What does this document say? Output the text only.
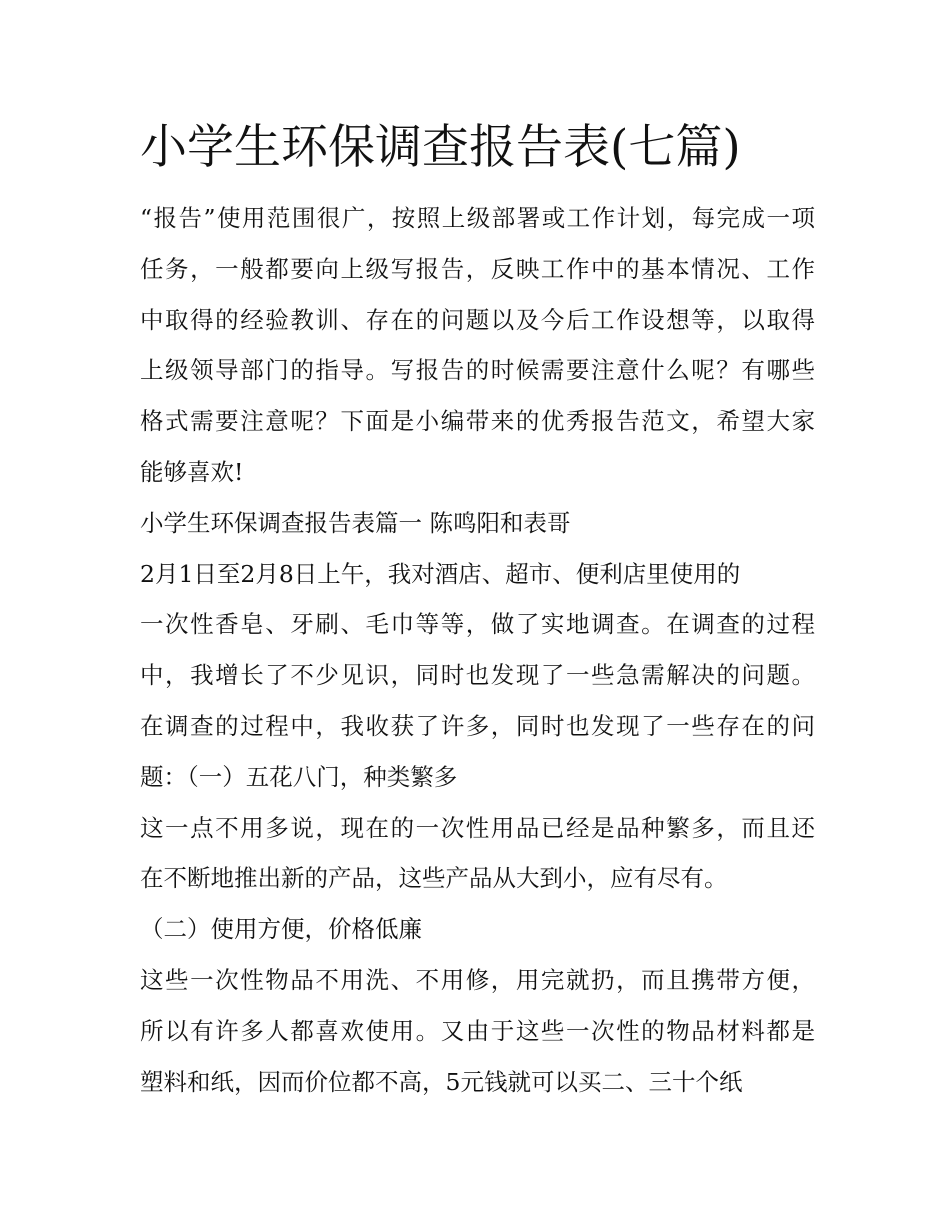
小学生环保调查报告表(七篇)
“报告”使用范围很广，按照上级部署或工作计划，每完成一项
任务，一般都要向上级写报告，反映工作中的基本情况、工作
中取得的经验教训、存在的问题以及今后工作设想等，以取得
上级领导部门的指导。写报告的时候需要注意什么呢？有哪些
格式需要注意呢？下面是小编带来的优秀报告范文，希望大家
能够喜欢!
小学生环保调查报告表篇一 陈鸣阳和表哥
2月1日至2月8日上午，我对酒店、超市、便利店里使用的
一次性香皂、牙刷、毛巾等等，做了实地调查。在调查的过程
中，我增长了不少见识，同时也发现了一些急需解决的问题。
在调查的过程中，我收获了许多，同时也发现了一些存在的问
题：（一）五花八门，种类繁多
这一点不用多说，现在的一次性用品已经是品种繁多，而且还
在不断地推出新的产品，这些产品从大到小，应有尽有。
（二）使用方便，价格低廉
这些一次性物品不用洗、不用修，用完就扔，而且携带方便，
所以有许多人都喜欢使用。又由于这些一次性的物品材料都是
塑料和纸，因而价位都不高，5元钱就可以买二、三十个纸
